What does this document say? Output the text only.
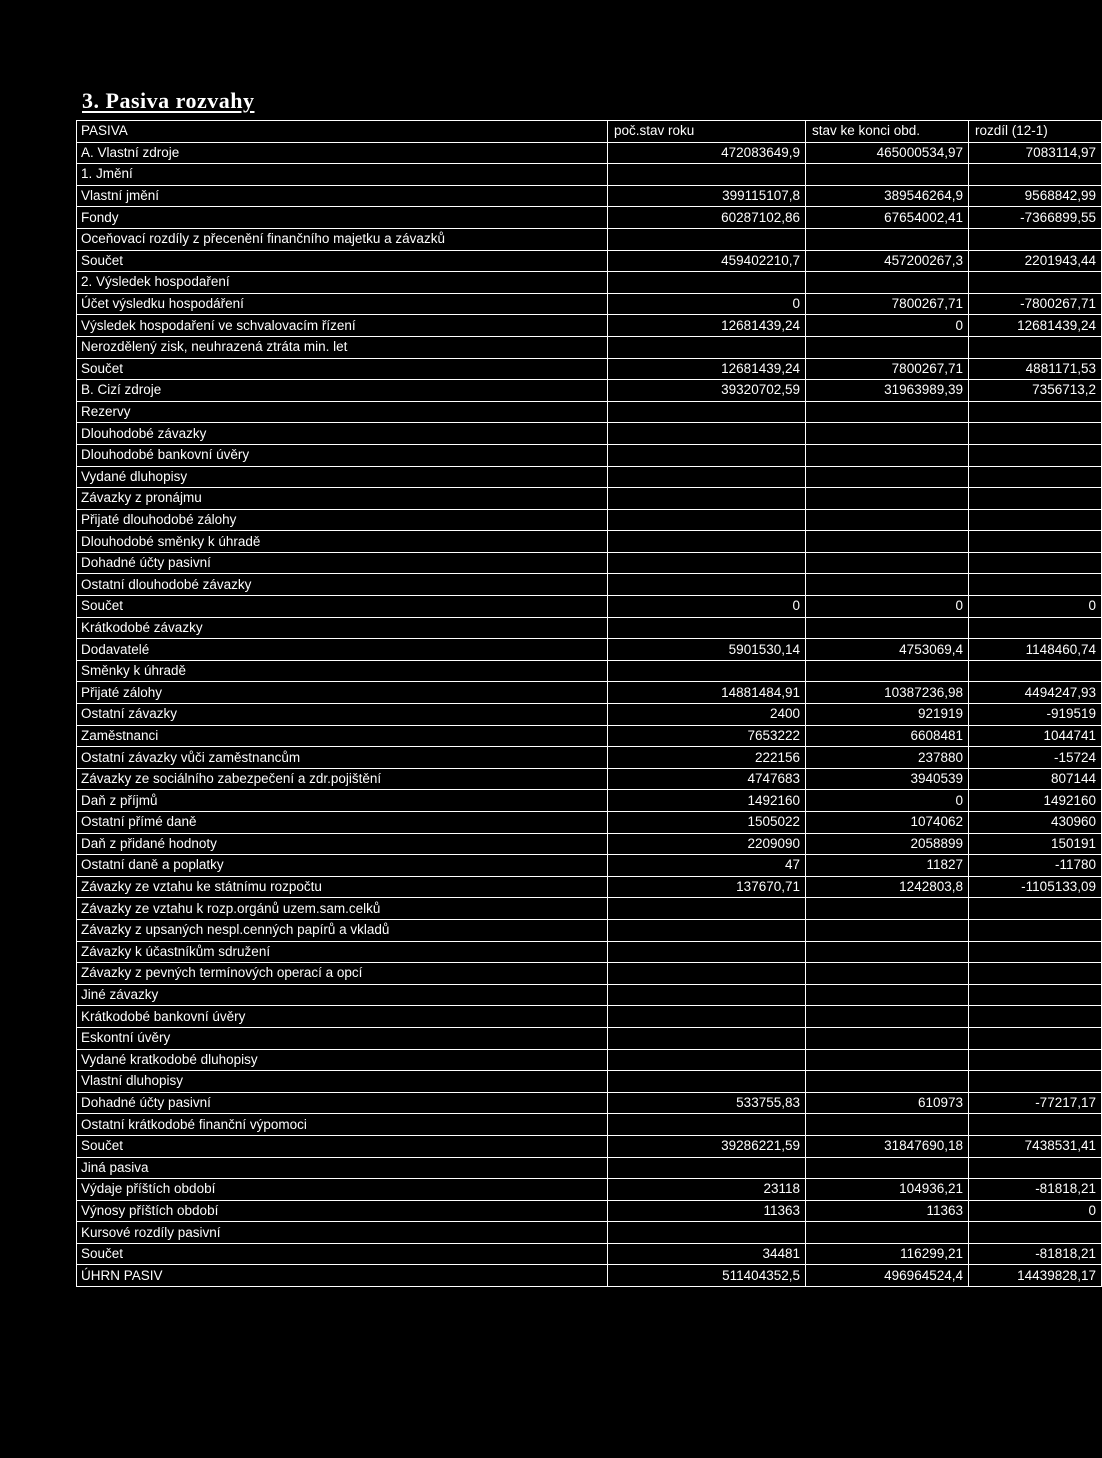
3. Pasiva rozvahy
PASIVA	poč.stav roku	stav ke konci obd.	rozdíl (12-1)
A. Vlastní zdroje	472083649,9	465000534,97	7083114,97
1. Jmění			
Vlastní jmění	399115107,8	389546264,9	9568842,99
Fondy	60287102,86	67654002,41	-7366899,55
Oceňovací rozdíly z přecenění finančního majetku a závazků			
Součet	459402210,7	457200267,3	2201943,44
2. Výsledek hospodaření			
Účet výsledku hospodáření	0	7800267,71	-7800267,71
Výsledek hospodaření ve schvalovacím řízení	12681439,24	0	12681439,24
Nerozdělený zisk, neuhrazená ztráta min. let			
Součet	12681439,24	7800267,71	4881171,53
B. Cizí zdroje	39320702,59	31963989,39	7356713,2
Rezervy			
Dlouhodobé závazky			
Dlouhodobé bankovní úvěry			
Vydané dluhopisy			
Závazky z pronájmu			
Přijaté dlouhodobé zálohy			
Dlouhodobé směnky k úhradě			
Dohadné účty pasivní			
Ostatní dlouhodobé závazky			
Součet	0	0	0
Krátkodobé závazky			
Dodavatelé	5901530,14	4753069,4	1148460,74
Směnky k úhradě			
Přijaté zálohy	14881484,91	10387236,98	4494247,93
Ostatní závazky	2400	921919	-919519
Zaměstnanci	7653222	6608481	1044741
Ostatní závazky vůči zaměstnancům	222156	237880	-15724
Závazky ze sociálního zabezpečení a zdr.pojištění	4747683	3940539	807144
Daň z příjmů	1492160	0	1492160
Ostatní přímé daně	1505022	1074062	430960
Daň z přidané hodnoty	2209090	2058899	150191
Ostatní daně a poplatky	47	11827	-11780
Závazky ze vztahu ke státnímu rozpočtu	137670,71	1242803,8	-1105133,09
Závazky ze vztahu k rozp.orgánů uzem.sam.celků			
Závazky z upsaných nespl.cenných papírů a vkladů			
Závazky k účastníkům sdružení			
Závazky z pevných termínových operací a opcí			
Jiné závazky			
Krátkodobé bankovní úvěry			
Eskontní úvěry			
Vydané kratkodobé dluhopisy			
Vlastní dluhopisy			
Dohadné účty pasivní	533755,83	610973	-77217,17
Ostatní krátkodobé finanční výpomoci			
Součet	39286221,59	31847690,18	7438531,41
Jiná pasiva			
Výdaje příštích období	23118	104936,21	-81818,21
Výnosy příštích období	11363	11363	0
Kursové rozdíly pasivní			
Součet	34481	116299,21	-81818,21
ÚHRN PASIV	511404352,5	496964524,4	14439828,17
